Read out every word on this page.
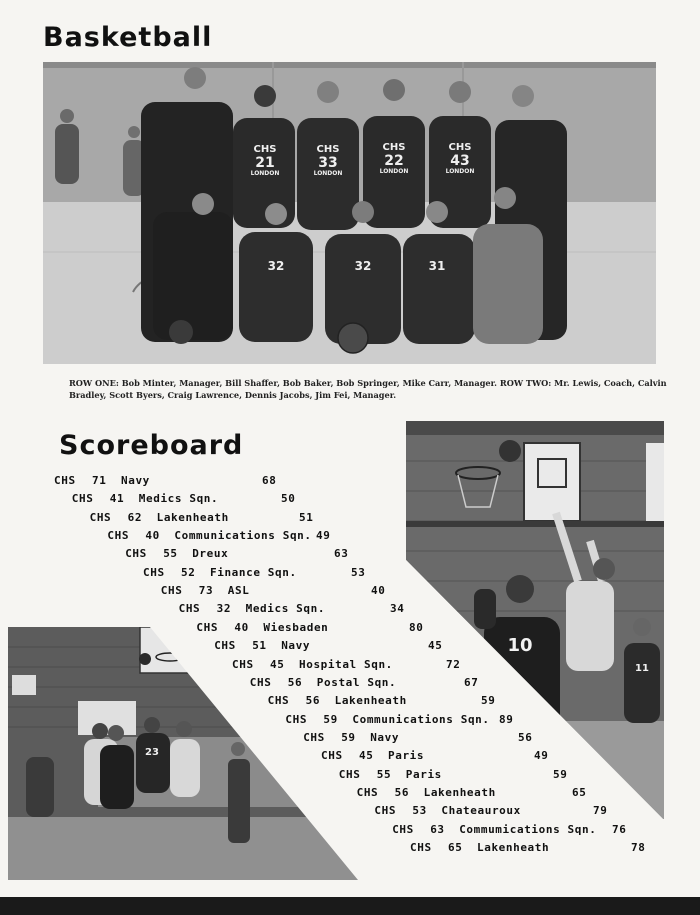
Basketball
CHS
21
LONDON
CHS
33
LONDON
CHS
22
LONDON
CHS
43
LONDON
32	32	31
ROW ONE: Bob Minter, Manager, Bill Shaffer, Bob Baker, Bob Springer, Mike Carr, Manager. ROW TWO: Mr. Lewis, Coach, Calvin Bradley, Scott Byers, Craig Lawrence, Dennis Jacobs, Jim Fei, Manager.
Scoreboard
10
11
23
CHS 71 Navy	68
CHS 41 Medics Sqn.	50
CHS 62 Lakenheath	51
CHS 40 Communications Sqn. 49
CHS 55 Dreux	63
CHS 52 Finance Sqn.	53
CHS 73 ASL	40
CHS 32 Medics Sqn.	34
CHS 40 Wiesbaden	80
CHS 51 Navy	45
CHS 45 Hospital Sqn.	72
CHS 56 Postal Sqn.	67
CHS 56 Lakenheath	59
CHS 59 Communications Sqn. 89
CHS 59 Navy	56
CHS 45 Paris	49
CHS 55 Paris	59
CHS 56 Lakenheath	65
CHS 53 Chateauroux	79
CHS 63 Commumications Sqn. 76
CHS 65 Lakenheath	78
